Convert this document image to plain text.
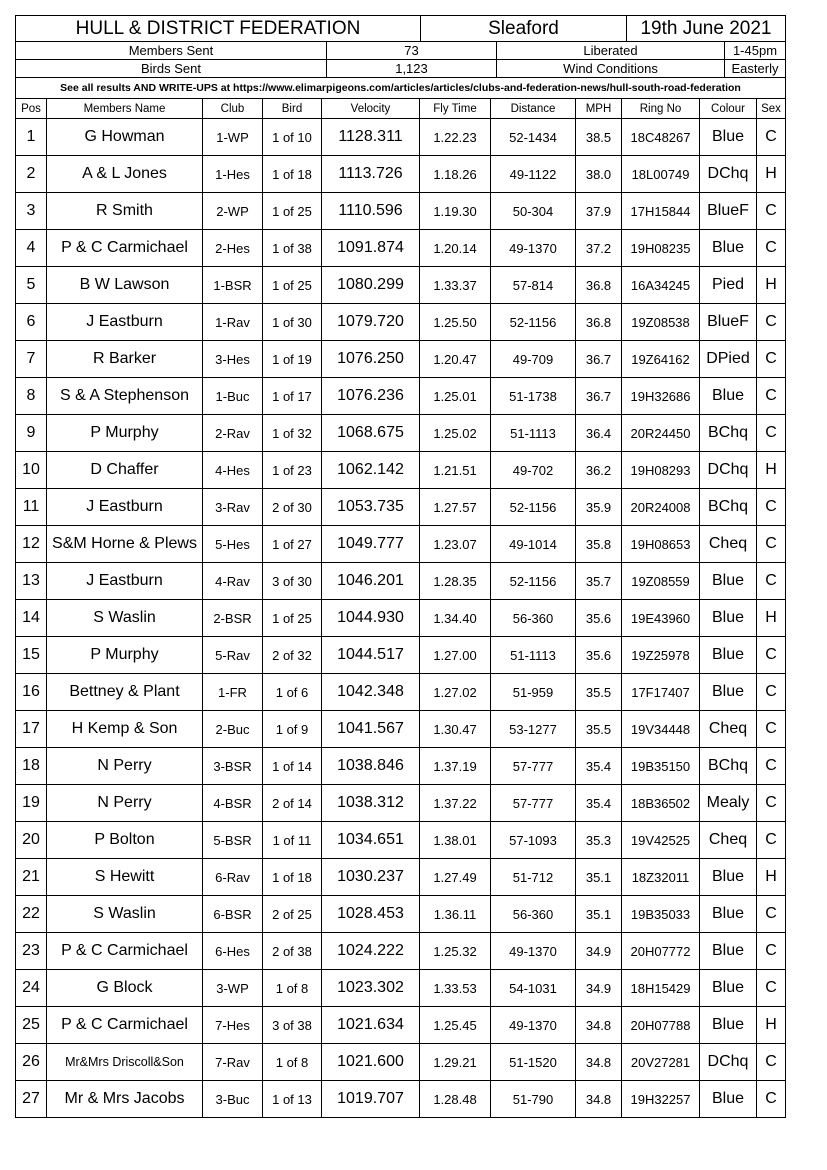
HULL & DISTRICT FEDERATION	Sleaford	19th June 2021
Members Sent	73	Liberated	1-45pm
Birds Sent	1,123	Wind Conditions	Easterly
See all results AND WRITE-UPS at https://www.elimarpigeons.com/articles/articles/clubs-and-federation-news/hull-south-road-federation			
Pos	Members Name	Club	Bird	Velocity	Fly Time	Distance	MPH	Ring No	Colour	Sex
1	G Howman	1-WP	1 of 10	1128.311	1.22.23	52-1434	38.5	18C48267	Blue	C
2	A & L Jones	1-Hes	1 of 18	1113.726	1.18.26	49-1122	38.0	18L00749	DChq	H
3	R Smith	2-WP	1 of 25	1110.596	1.19.30	50-304	37.9	17H15844	BlueF	C
4	P & C Carmichael	2-Hes	1 of 38	1091.874	1.20.14	49-1370	37.2	19H08235	Blue	C
5	B W Lawson	1-BSR	1 of 25	1080.299	1.33.37	57-814	36.8	16A34245	Pied	H
6	J Eastburn	1-Rav	1 of 30	1079.720	1.25.50	52-1156	36.8	19Z08538	BlueF	C
7	R Barker	3-Hes	1 of 19	1076.250	1.20.47	49-709	36.7	19Z64162	DPied	C
8	S & A Stephenson	1-Buc	1 of 17	1076.236	1.25.01	51-1738	36.7	19H32686	Blue	C
9	P Murphy	2-Rav	1 of 32	1068.675	1.25.02	51-1113	36.4	20R24450	BChq	C
10	D Chaffer	4-Hes	1 of 23	1062.142	1.21.51	49-702	36.2	19H08293	DChq	H
11	J Eastburn	3-Rav	2 of 30	1053.735	1.27.57	52-1156	35.9	20R24008	BChq	C
12	S&M Horne & Plews	5-Hes	1 of 27	1049.777	1.23.07	49-1014	35.8	19H08653	Cheq	C
13	J Eastburn	4-Rav	3 of 30	1046.201	1.28.35	52-1156	35.7	19Z08559	Blue	C
14	S Waslin	2-BSR	1 of 25	1044.930	1.34.40	56-360	35.6	19E43960	Blue	H
15	P Murphy	5-Rav	2 of 32	1044.517	1.27.00	51-1113	35.6	19Z25978	Blue	C
16	Bettney & Plant	1-FR	1 of 6	1042.348	1.27.02	51-959	35.5	17F17407	Blue	C
17	H Kemp & Son	2-Buc	1 of 9	1041.567	1.30.47	53-1277	35.5	19V34448	Cheq	C
18	N Perry	3-BSR	1 of 14	1038.846	1.37.19	57-777	35.4	19B35150	BChq	C
19	N Perry	4-BSR	2 of 14	1038.312	1.37.22	57-777	35.4	18B36502	Mealy	C
20	P Bolton	5-BSR	1 of 11	1034.651	1.38.01	57-1093	35.3	19V42525	Cheq	C
21	S Hewitt	6-Rav	1 of 18	1030.237	1.27.49	51-712	35.1	18Z32011	Blue	H
22	S Waslin	6-BSR	2 of 25	1028.453	1.36.11	56-360	35.1	19B35033	Blue	C
23	P & C Carmichael	6-Hes	2 of 38	1024.222	1.25.32	49-1370	34.9	20H07772	Blue	C
24	G Block	3-WP	1 of 8	1023.302	1.33.53	54-1031	34.9	18H15429	Blue	C
25	P & C Carmichael	7-Hes	3 of 38	1021.634	1.25.45	49-1370	34.8	20H07788	Blue	H
26	Mr&Mrs Driscoll&Son	7-Rav	1 of 8	1021.600	1.29.21	51-1520	34.8	20V27281	DChq	C
27	Mr & Mrs Jacobs	3-Buc	1 of 13	1019.707	1.28.48	51-790	34.8	19H32257	Blue	C
